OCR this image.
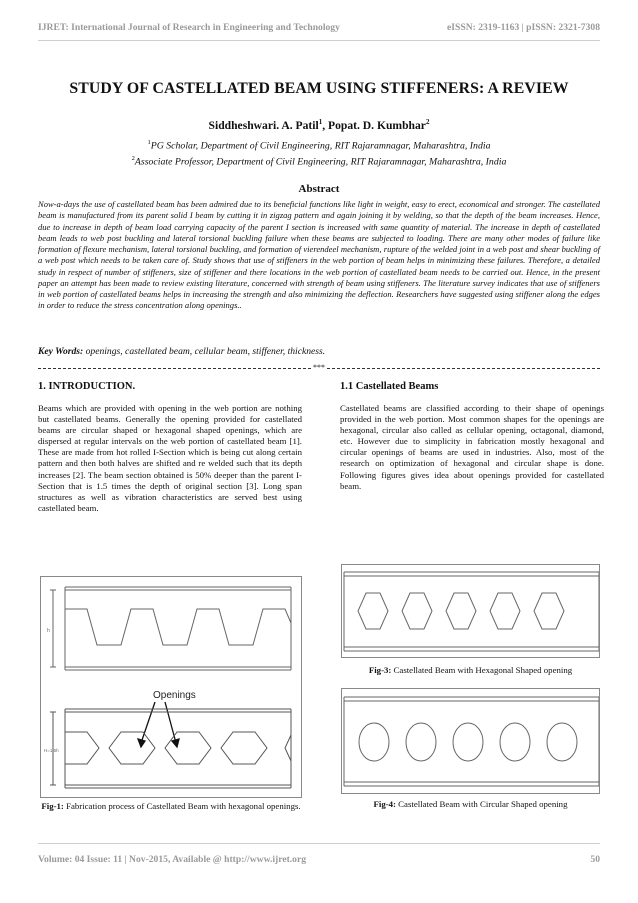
IJRET: International Journal of Research in Engineering and Technology	eISSN: 2319-1163 | pISSN: 2321-7308
STUDY OF CASTELLATED BEAM USING STIFFENERS: A REVIEW
Siddheshwari. A. Patil$^1$, Popat. D. Kumbhar$^2$
$^1$PG Scholar, Department of Civil Engineering, RIT Rajaramnagar, Maharashtra, India
$^2$Associate Professor, Department of Civil Engineering, RIT Rajaramnagar, Maharashtra, India
Abstract
Now-a-days the use of castellated beam has been admired due to its beneficial functions like light in weight, easy to erect, economical and stronger. The castellated beam is manufactured from its parent solid I beam by cutting it in zigzag pattern and again joining it by welding, so that the depth of the beam increases. Hence, due to increase in depth of beam load carrying capacity of the parent I section is increased with same quantity of material. The increase in depth of castellated beam leads to web post buckling and lateral torsional buckling failure when these beams are subjected to loading. There are many other modes of failure like formation of flexure mechanism, lateral torsional buckling, and formation of vierendeel mechanism, rupture of the welded joint in a web post and shear buckling of a web post which needs to be taken care of. Study shows that use of stiffeners in the web portion of beam helps in minimizing these failures. Therefore, a detailed study in respect of number of stiffeners, size of stiffener and there locations in the web portion of castellated beam needs to be carried out. Hence, in the present paper an attempt has been made to review existing literature, concerned with strength of beam using stiffeners. The literature survey indicates that use of stiffeners in web portion of castellated beams helps in increasing the strength and also minimizing the deflection. Researchers have suggested using stiffener along the edges in order to reduce the stress concentration along openings..
Key Words: openings, castellated beam, cellular beam, stiffener, thickness.
***
1. INTRODUCTION.
Beams which are provided with opening in the web portion are nothing but castellated beams. Generally the opening provided for castellated beams are circular shaped or hexagonal shaped openings, which are dispersed at regular intervals on the web portion of castellated beam [1]. These are made from hot rolled I-Section which is being cut along certain pattern and then both halves are shifted and re welded such that its depth increases [2]. The beam section obtained is 50% deeper than the parent I-Section that is 1.5 times the depth of original section [3]. Long span structures as well as vibration characteristics are served best using castellated beam.
1.1 Castellated Beams
Castellated beams are classified according to their shape of openings provided in the web portion. Most common shapes for the openings are hexagonal, circular also called as cellular opening, octagonal, diamond, etc. However due to simplicity in fabrication mostly hexagonal and circular openings of beams are used in industries. Also, most of the research on optimization of hexagonal and circular shape is done. Following figures gives idea about openings provided for castellated beam.
h
Openings
H=1.5h
Fig-1: Fabrication process of Castellated Beam with hexagonal openings.
Fig-3: Castellated Beam with Hexagonal Shaped opening
Fig-4: Castellated Beam with Circular Shaped opening
Volume: 04 Issue: 11 | Nov-2015, Available @ http://www.ijret.org	50
